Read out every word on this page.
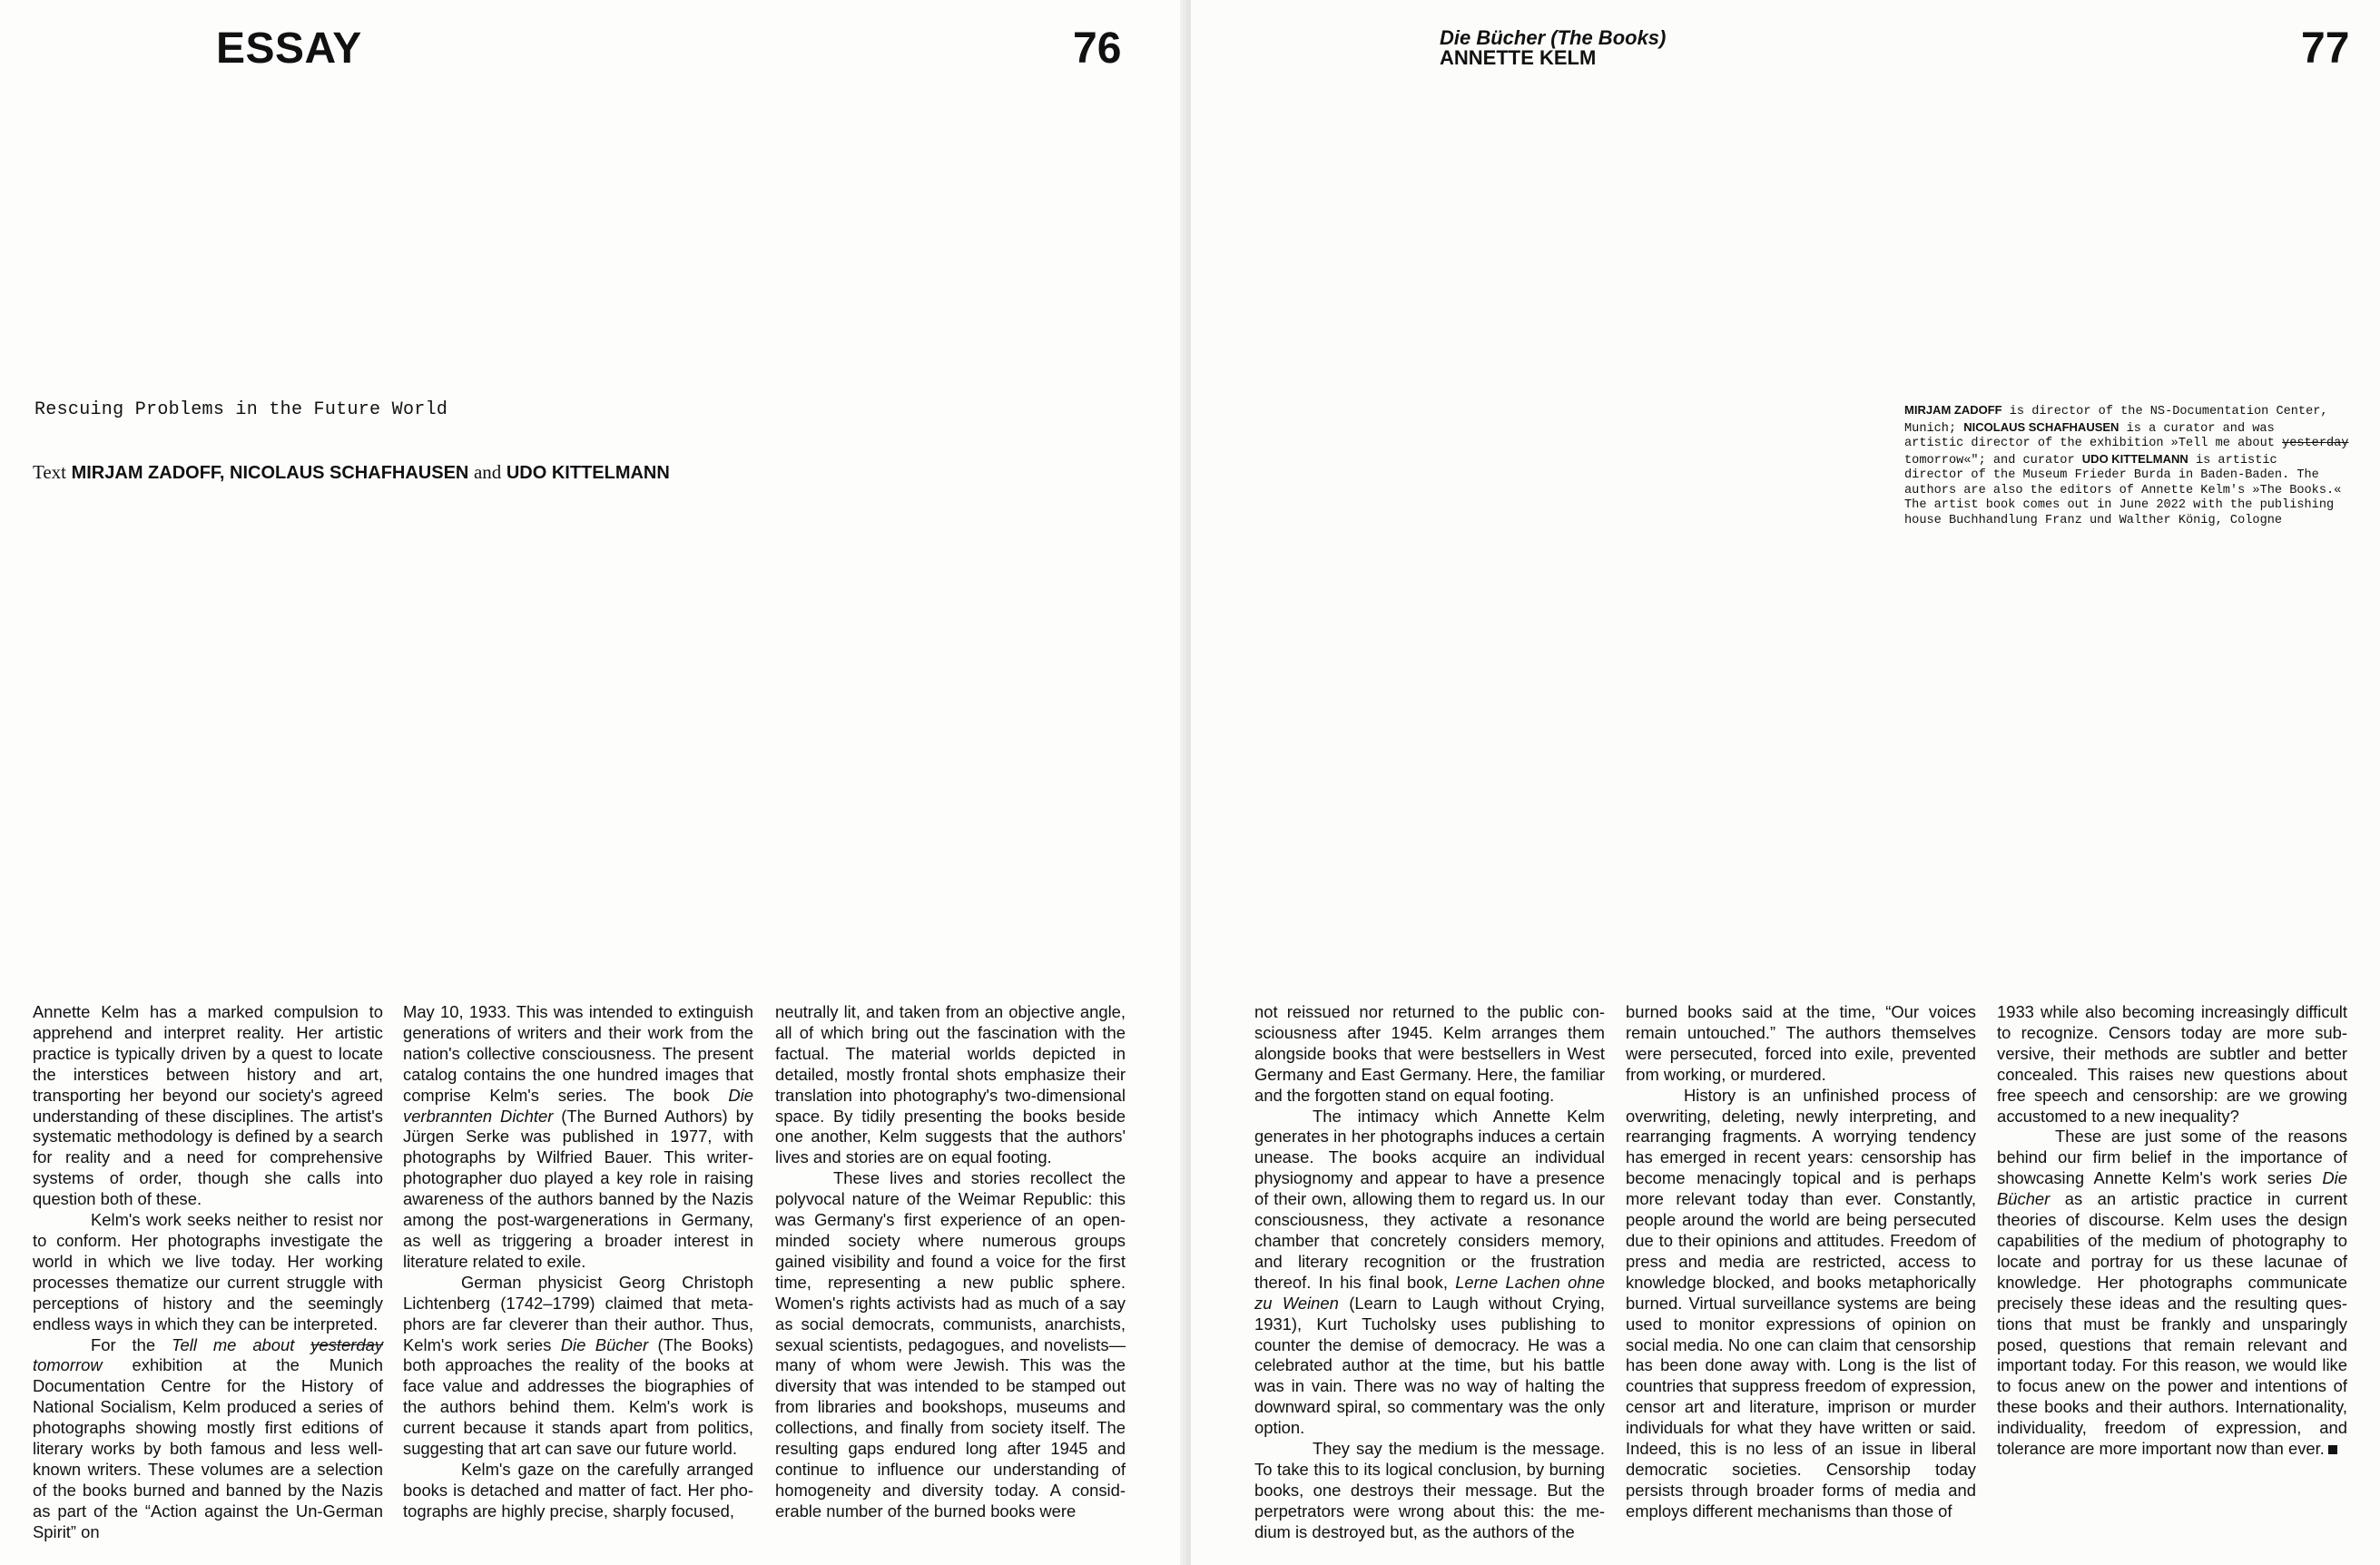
ESSAY	76	Die Bücher (The Books)
ANNETTE KELM	77
Rescuing Problems in the Future World
Text MIRJAM ZADOFF, NICOLAUS SCHAFHAUSEN and UDO KITTELMANN
MIRJAM ZADOFF is director of the NS-Documentation Center,
Munich; NICOLAUS SCHAFHAUSEN is a curator and was
artistic director of the exhibition »Tell me about yesterday
tomorrow«"; and curator UDO KITTELMANN is artistic
director of the Museum Frieder Burda in Baden-Baden. The
authors are also the editors of Annette Kelm's »The Books.«
The artist book comes out in June 2022 with the publishing
house Buchhandlung Franz und Walther König, Cologne

Annette Kelm has a marked compulsion to apprehend and interpret reality. Her artistic practice is typically driven by a quest to locate the interstices between history and art, transporting her beyond our society's agreed understanding of these disciplines. The artist's systematic methodology is defined by a search for reality and a need for comprehensive systems of order, though she calls into question both of these.

Kelm's work seeks neither to resist nor to conform. Her photographs investigate the world in which we live today. Her working processes thematize our current struggle with perceptions of history and the seemingly endless ways in which they can be interpreted.

For the Tell me about yesterday tomorrow exhibition at the Munich Documentation Centre for the History of National Socialism, Kelm produced a series of photographs showing mostly first editions of literary works by both famous and less well-known writers. These volumes are a selection of the books burned and banned by the Nazis as part of the “Action against the Un-German Spirit” on

May 10, 1933. This was intended to extinguish generations of writers and their work from the nation's collective consciousness. The present catalog contains the one hundred images that comprise Kelm's series. The book Die verbrannten Dichter (The Burned Authors) by Jürgen Serke was published in 1977, with photographs by Wilfried Bauer. This writer-photographer duo played a key role in raising awareness of the authors banned by the Nazis among the post-wargenerations in Germany, as well as triggering a broader interest in literature related to exile.

German physicist Georg Christoph Lichtenberg (1742–1799) claimed that metaphors are far cleverer than their author. Thus, Kelm's work series Die Bücher (The Books) both approaches the reality of the books at face value and addresses the biographies of the authors behind them. Kelm's work is current because it stands apart from politics, suggesting that art can save our future world.

Kelm's gaze on the carefully arranged books is detached and matter of fact. Her photographs are highly precise, sharply focused,

neutrally lit, and taken from an objective angle, all of which bring out the fascination with the factual. The material worlds depicted in detailed, mostly frontal shots emphasize their translation into photography's two-dimensional space. By tidily presenting the books beside one another, Kelm suggests that the authors' lives and stories are on equal footing.

These lives and stories recollect the polyvocal nature of the Weimar Republic: this was Germany's first experience of an open-minded society where numerous groups gained visibility and found a voice for the first time, representing a new public sphere. Women's rights activists had as much of a say as social democrats, communists, anarchists, sexual scientists, pedagogues, and novelists—many of whom were Jewish. This was the diversity that was intended to be stamped out from libraries and bookshops, museums and collections, and finally from society itself. The resulting gaps endured long after 1945 and continue to influence our understanding of homogeneity and diversity today. A considerable number of the burned books were

not reissued nor returned to the public consciousness after 1945. Kelm arranges them alongside books that were bestsellers in West Germany and East Germany. Here, the familiar and the forgotten stand on equal footing.

The intimacy which Annette Kelm generates in her photographs induces a certain unease. The books acquire an individual physiognomy and appear to have a presence of their own, allowing them to regard us. In our consciousness, they activate a resonance chamber that concretely considers memory, and literary recognition or the frustration thereof. In his final book, Lerne Lachen ohne zu Weinen (Learn to Laugh without Crying, 1931), Kurt Tucholsky uses publishing to counter the demise of democracy. He was a celebrated author at the time, but his battle was in vain. There was no way of halting the downward spiral, so commentary was the only option.

They say the medium is the message. To take this to its logical conclusion, by burning books, one destroys their message. But the perpetrators were wrong about this: the medium is destroyed but, as the authors of the

burned books said at the time, “Our voices remain untouched.” The authors themselves were persecuted, forced into exile, prevented from working, or murdered.

History is an unfinished process of overwriting, deleting, newly interpreting, and rearranging fragments. A worrying tendency has emerged in recent years: censorship has become menacingly topical and is perhaps more relevant today than ever. Constantly, people around the world are being persecuted due to their opinions and attitudes. Freedom of press and media are restricted, access to knowledge blocked, and books metaphorically burned. Virtual surveillance systems are being used to monitor expressions of opinion on social media. No one can claim that censorship has been done away with. Long is the list of countries that suppress freedom of expression, censor art and literature, imprison or murder individuals for what they have written or said. Indeed, this is no less of an issue in liberal democratic societies. Censorship today persists through broader forms of media and employs different mechanisms than those of

1933 while also becoming increasingly difficult to recognize. Censors today are more subversive, their methods are subtler and better concealed. This raises new questions about free speech and censorship: are we growing accustomed to a new inequality?

These are just some of the reasons behind our firm belief in the importance of showcasing Annette Kelm's work series Die Bücher as an artistic practice in current theories of discourse. Kelm uses the design capabilities of the medium of photography to locate and portray for us these lacunae of knowledge. Her photographs communicate precisely these ideas and the resulting questions that must be frankly and unsparingly posed, questions that remain relevant and important today. For this reason, we would like to focus anew on the power and intentions of these books and their authors. Internationality, individuality, freedom of expression, and tolerance are more important now than ever.
